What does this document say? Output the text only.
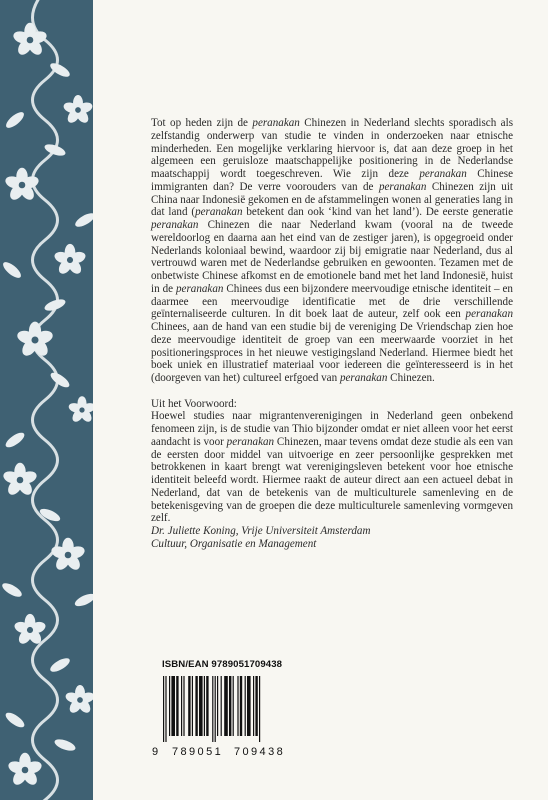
Tot op heden zijn de peranakan Chinezen in Nederland slechts sporadisch als zelfstandig onderwerp van studie te vinden in onderzoeken naar etnische minderheden. Een mogelijke verklaring hiervoor is, dat aan deze groep in het algemeen een geruisloze maatschappelijke positionering in de Nederlandse maatschappij wordt toegeschreven. Wie zijn deze peranakan Chinese immigranten dan? De verre voorouders van de peranakan Chinezen zijn uit China naar Indonesië gekomen en de afstammelingen wonen al generaties lang in dat land (peranakan betekent dan ook ‘kind van het land’). De eerste generatie peranakan Chinezen die naar Nederland kwam (vooral na de tweede wereldoorlog en daarna aan het eind van de zestiger jaren), is opgegroeid onder Nederlands koloniaal bewind, waardoor zij bij emigratie naar Nederland, dus al vertrouwd waren met de Nederlandse gebruiken en gewoonten. Tezamen met de onbetwiste Chinese afkomst en de emotionele band met het land Indonesië, huist in de peranakan Chinees dus een bijzondere meervoudige etnische identiteit – en daarmee een meervoudige identificatie met de drie verschillende geïnternaliseerde culturen. In dit boek laat de auteur, zelf ook een peranakan Chinees, aan de hand van een studie bij de vereniging De Vriendschap zien hoe deze meervoudige identiteit de groep van een meerwaarde voorziet in het positioneringsproces in het nieuwe vestigingsland Nederland. Hiermee biedt het boek uniek en illustratief materiaal voor iedereen die geïnteresseerd is in het (doorgeven van het) cultureel erfgoed van peranakan Chinezen.

Uit het Voorwoord:

Hoewel studies naar migrantenverenigingen in Nederland geen onbekend fenomeen zijn, is de studie van Thio bijzonder omdat er niet alleen voor het eerst aandacht is voor peranakan Chinezen, maar tevens omdat deze studie als een van de eersten door middel van uitvoerige en zeer persoonlijke gesprekken met betrokkenen in kaart brengt wat verenigingsleven betekent voor hoe etnische identiteit beleefd wordt. Hiermee raakt de auteur direct aan een actueel debat in Nederland, dat van de betekenis van de multiculturele samenleving en de betekenisgeving van de groepen die deze multiculturele samenleving vormgeven zelf.

Dr. Juliette Koning, Vrije Universiteit Amsterdam

Cultuur, Organisatie en Management

ISBN/EAN 9789051709438
9 789051 709438
